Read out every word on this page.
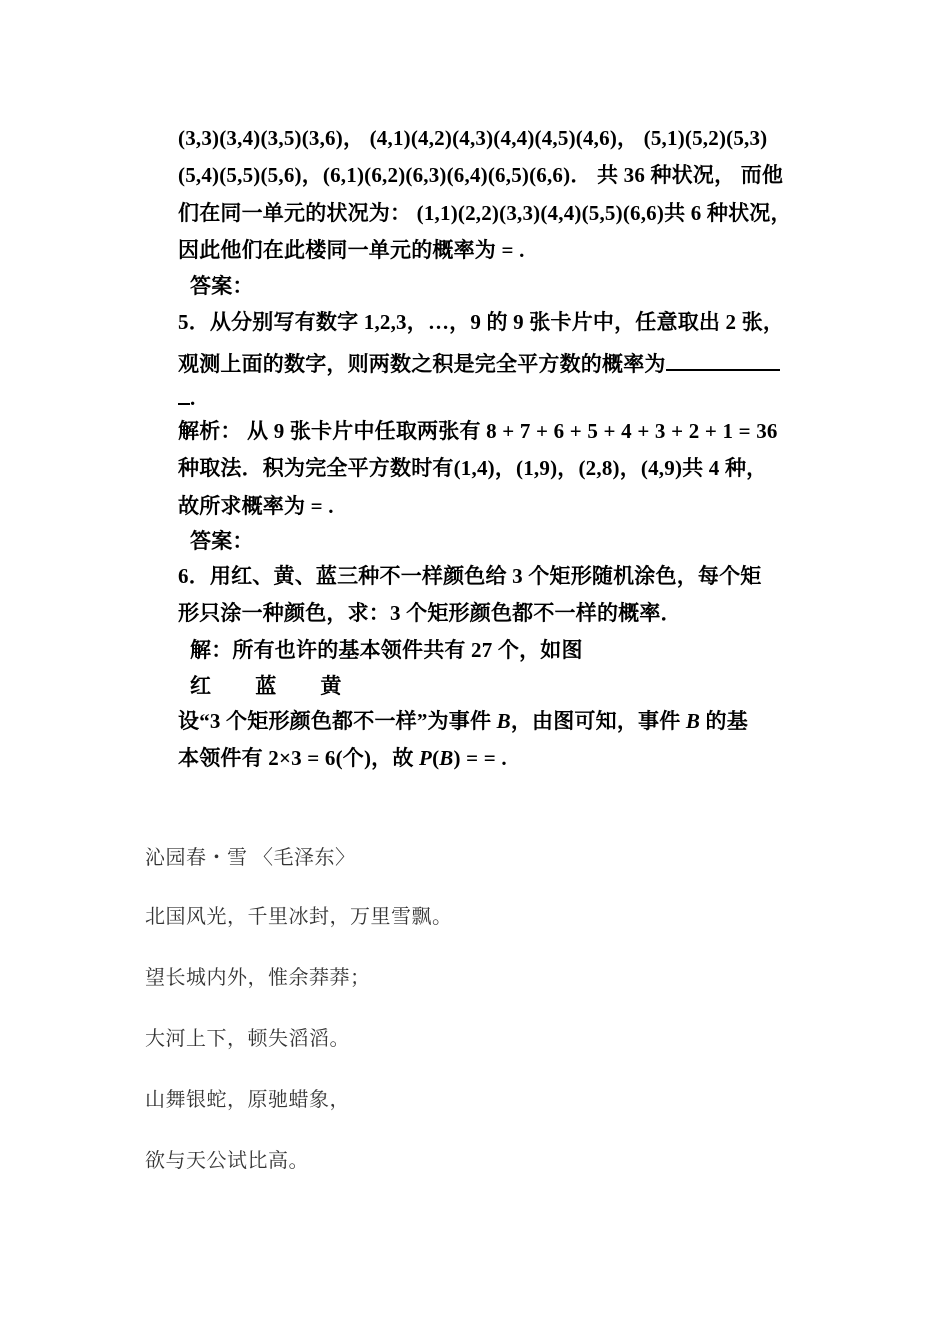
(3,3)(3,4)(3,5)(3,6)， (4,1)(4,2)(4,3)(4,4)(4,5)(4,6)， (5,1)(5,2)(5,3)
(5,4)(5,5)(5,6)，(6,1)(6,2)(6,3)(6,4)(6,5)(6,6)． 共 36 种状况， 而他
们在同一单元的状况为： (1,1)(2,2)(3,3)(4,4)(5,5)(6,6)共 6 种状况，
因此他们在此楼同一单元的概率为 = .
答案：
5．从分别写有数字 1,2,3，…，9 的 9 张卡片中，任意取出 2 张，
观测上面的数字，则两数之积是完全平方数的概率为
.
解析： 从 9 张卡片中任取两张有 8 + 7 + 6 + 5 + 4 + 3 + 2 + 1 = 36
种取法．积为完全平方数时有(1,4)，(1,9)，(2,8)，(4,9)共 4 种，
故所求概率为 = .
答案：
6．用红、黄、蓝三种不一样颜色给 3 个矩形随机涂色，每个矩
形只涂一种颜色，求：3 个矩形颜色都不一样的概率．
解：所有也许的基本领件共有 27 个，如图
红 蓝 黄
设“3 个矩形颜色都不一样”为事件 B，由图可知，事件 B 的基
本领件有 2×3 = 6(个)，故 P(B) = = .
沁园春・雪 〈毛泽东〉
北国风光，千里冰封，万里雪飘。
望长城内外，惟余莽莽；
大河上下，顿失滔滔。
山舞银蛇，原驰蜡象，
欲与天公试比高。
